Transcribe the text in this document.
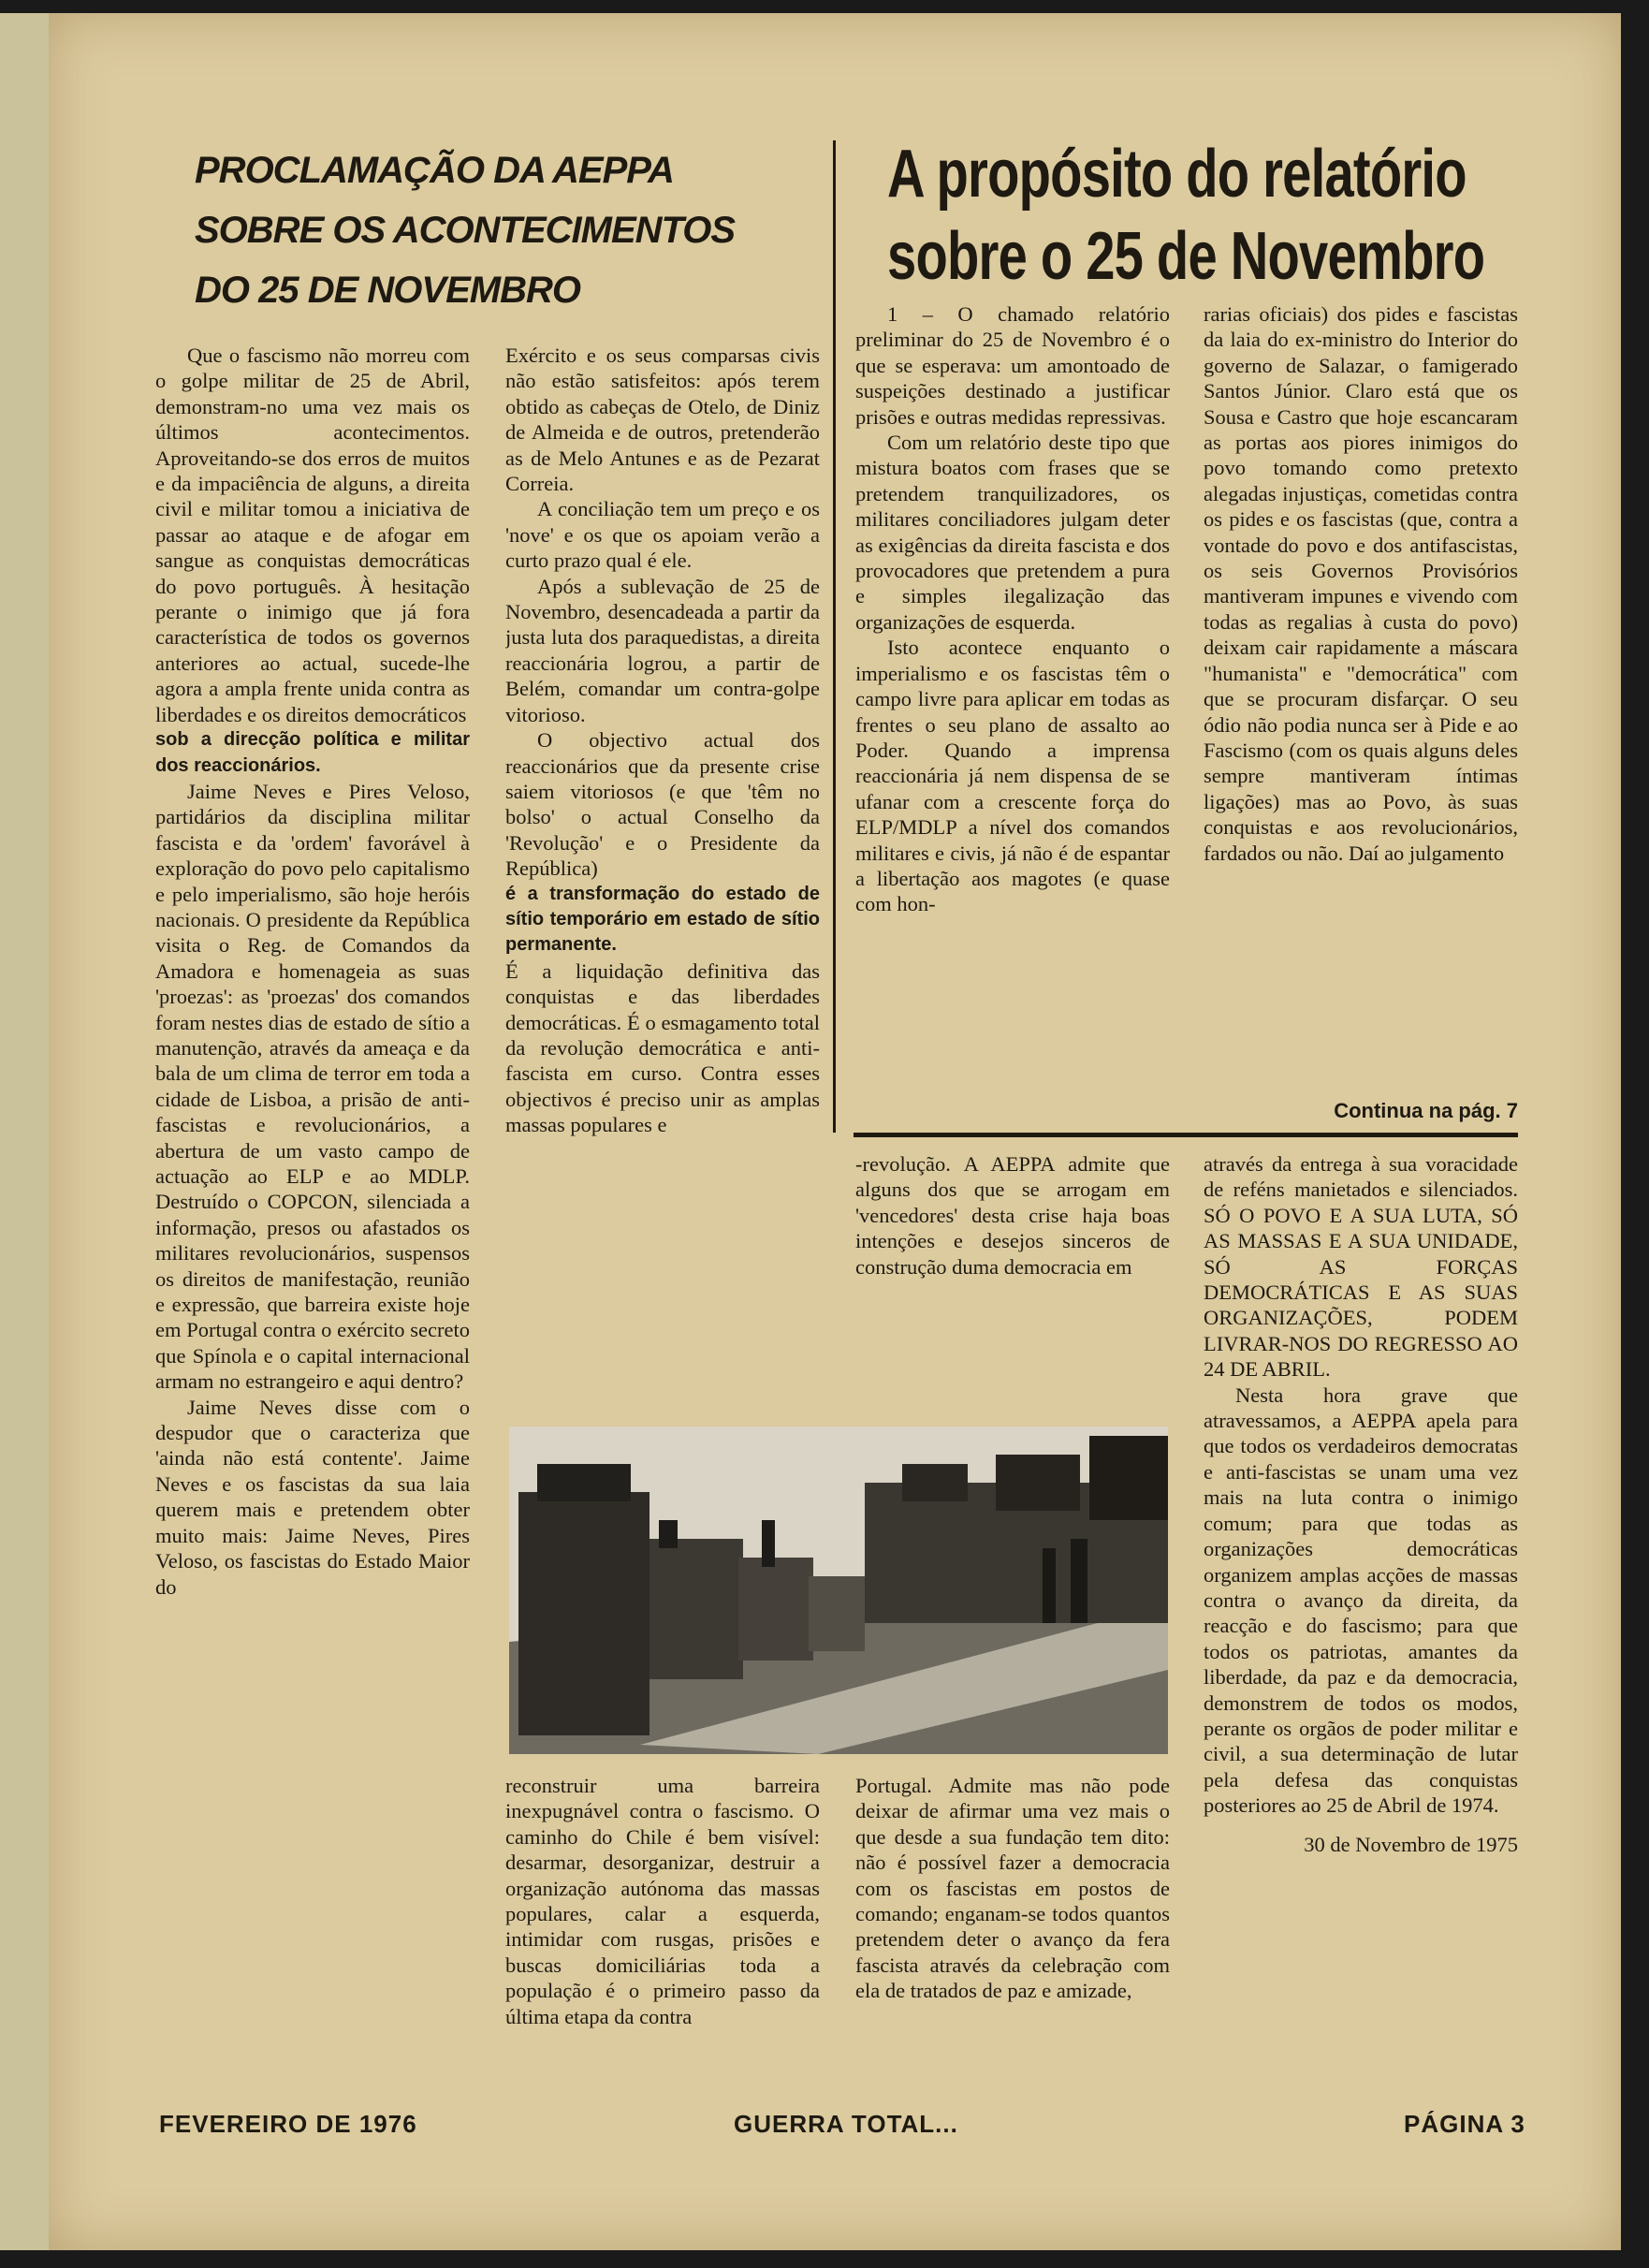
PROCLAMAÇÃO DA AEPPA
SOBRE OS ACONTECIMENTOS
DO 25 DE NOVEMBRO
A propósito do relatório
sobre o 25 de Novembro

Que o fascismo não morreu com o golpe militar de 25 de Abril, demonstram-no uma vez mais os últimos acontecimentos. Aproveitando-se dos erros de muitos e da impaciência de alguns, a direita civil e militar tomou a iniciativa de passar ao ataque e de afogar em sangue as conquistas democráticas do povo português. À hesitação perante o inimigo que já fora característica de todos os governos anteriores ao actual, sucede-lhe agora a ampla frente unida contra as liberdades e os direitos democráticos

sob a direcção política e militar dos reaccionários.

Jaime Neves e Pires Veloso, partidários da disciplina militar fascista e da 'ordem' favorável à exploração do povo pelo capitalismo e pelo imperialismo, são hoje heróis nacionais. O presidente da República visita o Reg. de Comandos da Amadora e homenageia as suas 'proezas': as 'proezas' dos comandos foram nestes dias de estado de sítio a manutenção, através da ameaça e da bala de um clima de terror em toda a cidade de Lisboa, a prisão de anti-fascistas e revolucionários, a abertura de um vasto campo de actuação ao ELP e ao MDLP. Destruído o COPCON, silenciada a informação, presos ou afastados os militares revolucionários, suspensos os direitos de manifestação, reunião e expressão, que barreira existe hoje em Portugal contra o exército secreto que Spínola e o capital internacional armam no estrangeiro e aqui dentro?

Jaime Neves disse com o despudor que o caracteriza que 'ainda não está contente'. Jaime Neves e os fascistas da sua laia querem mais e pretendem obter muito mais: Jaime Neves, Pires Veloso, os fascistas do Estado Maior do

Exército e os seus comparsas civis não estão satisfeitos: após terem obtido as cabeças de Otelo, de Diniz de Almeida e de outros, pretenderão as de Melo Antunes e as de Pezarat Correia.

A conciliação tem um preço e os 'nove' e os que os apoiam verão a curto prazo qual é ele.

Após a sublevação de 25 de Novembro, desencadeada a partir da justa luta dos paraquedistas, a direita reaccionária logrou, a partir de Belém, comandar um contra-golpe vitorioso.

O objectivo actual dos reaccionários que da presente crise saiem vitoriosos (e que 'têm no bolso' o actual Conselho da 'Revolução' e o Presidente da República)

é a transformação do estado de sítio temporário em estado de sítio permanente.

É a liquidação definitiva das conquistas e das liberdades democráticas. É o esmagamento total da revolução democrática e anti-fascista em curso. Contra esses objectivos é preciso unir as amplas massas populares e

1 – O chamado relatório preliminar do 25 de Novembro é o que se esperava: um amontoado de suspeições destinado a justificar prisões e outras medidas repressivas.

Com um relatório deste tipo que mistura boatos com frases que se pretendem tranquilizadores, os militares conciliadores julgam deter as exigências da direita fascista e dos provocadores que pretendem a pura e simples ilegalização das organizações de esquerda.

Isto acontece enquanto o imperialismo e os fascistas têm o campo livre para aplicar em todas as frentes o seu plano de assalto ao Poder. Quando a imprensa reaccionária já nem dispensa de se ufanar com a crescente força do ELP/MDLP a nível dos comandos militares e civis, já não é de espantar a libertação aos magotes (e quase com hon-

rarias oficiais) dos pides e fascistas da laia do ex-ministro do Interior do governo de Salazar, o famigerado Santos Júnior. Claro está que os Sousa e Castro que hoje escancaram as portas aos piores inimigos do povo tomando como pretexto alegadas injustiças, cometidas contra os pides e os fascistas (que, contra a vontade do povo e dos antifascistas, os seis Governos Provisórios mantiveram impunes e vivendo com todas as regalias à custa do povo) deixam cair rapidamente a máscara "humanista" e "democrática" com que se procuram disfarçar. O seu ódio não podia nunca ser à Pide e ao Fascismo (com os quais alguns deles sempre mantiveram íntimas ligações) mas ao Povo, às suas conquistas e aos revolucionários, fardados ou não. Daí ao julgamento

Continua na pág. 7

-revolução. A AEPPA admite que alguns dos que se arrogam em 'vencedores' desta crise haja boas intenções e desejos sinceros de construção duma democracia em

através da entrega à sua voracidade de reféns manietados e silenciados. SÓ O POVO E A SUA LUTA, SÓ AS MASSAS E A SUA UNIDADE, SÓ AS FORÇAS DEMOCRÁTICAS E AS SUAS ORGANIZAÇÕES, PODEM LIVRAR-NOS DO REGRESSO AO 24 DE ABRIL.

Nesta hora grave que atravessamos, a AEPPA apela para que todos os verdadeiros democratas e anti-fascistas se unam uma vez mais na luta contra o inimigo comum; para que todas as organizações democráticas organizem amplas acções de massas contra o avanço da direita, da reacção e do fascismo; para que todos os patriotas, amantes da liberdade, da paz e da democracia, demonstrem de todos os modos, perante os orgãos de poder militar e civil, a sua determinação de lutar pela defesa das conquistas posteriores ao 25 de Abril de 1974.

30 de Novembro de 1975

reconstruir uma barreira inexpugnável contra o fascismo. O caminho do Chile é bem visível: desarmar, desorganizar, destruir a organização autónoma das massas populares, calar a esquerda, intimidar com rusgas, prisões e buscas domiciliárias toda a população é o primeiro passo da última etapa da contra

Portugal. Admite mas não pode deixar de afirmar uma vez mais o que desde a sua fundação tem dito: não é possível fazer a democracia com os fascistas em postos de comando; enganam-se todos quantos pretendem deter o avanço da fera fascista através da celebração com ela de tratados de paz e amizade,

FEVEREIRO DE 1976	GUERRA TOTAL...	PÁGINA 3
